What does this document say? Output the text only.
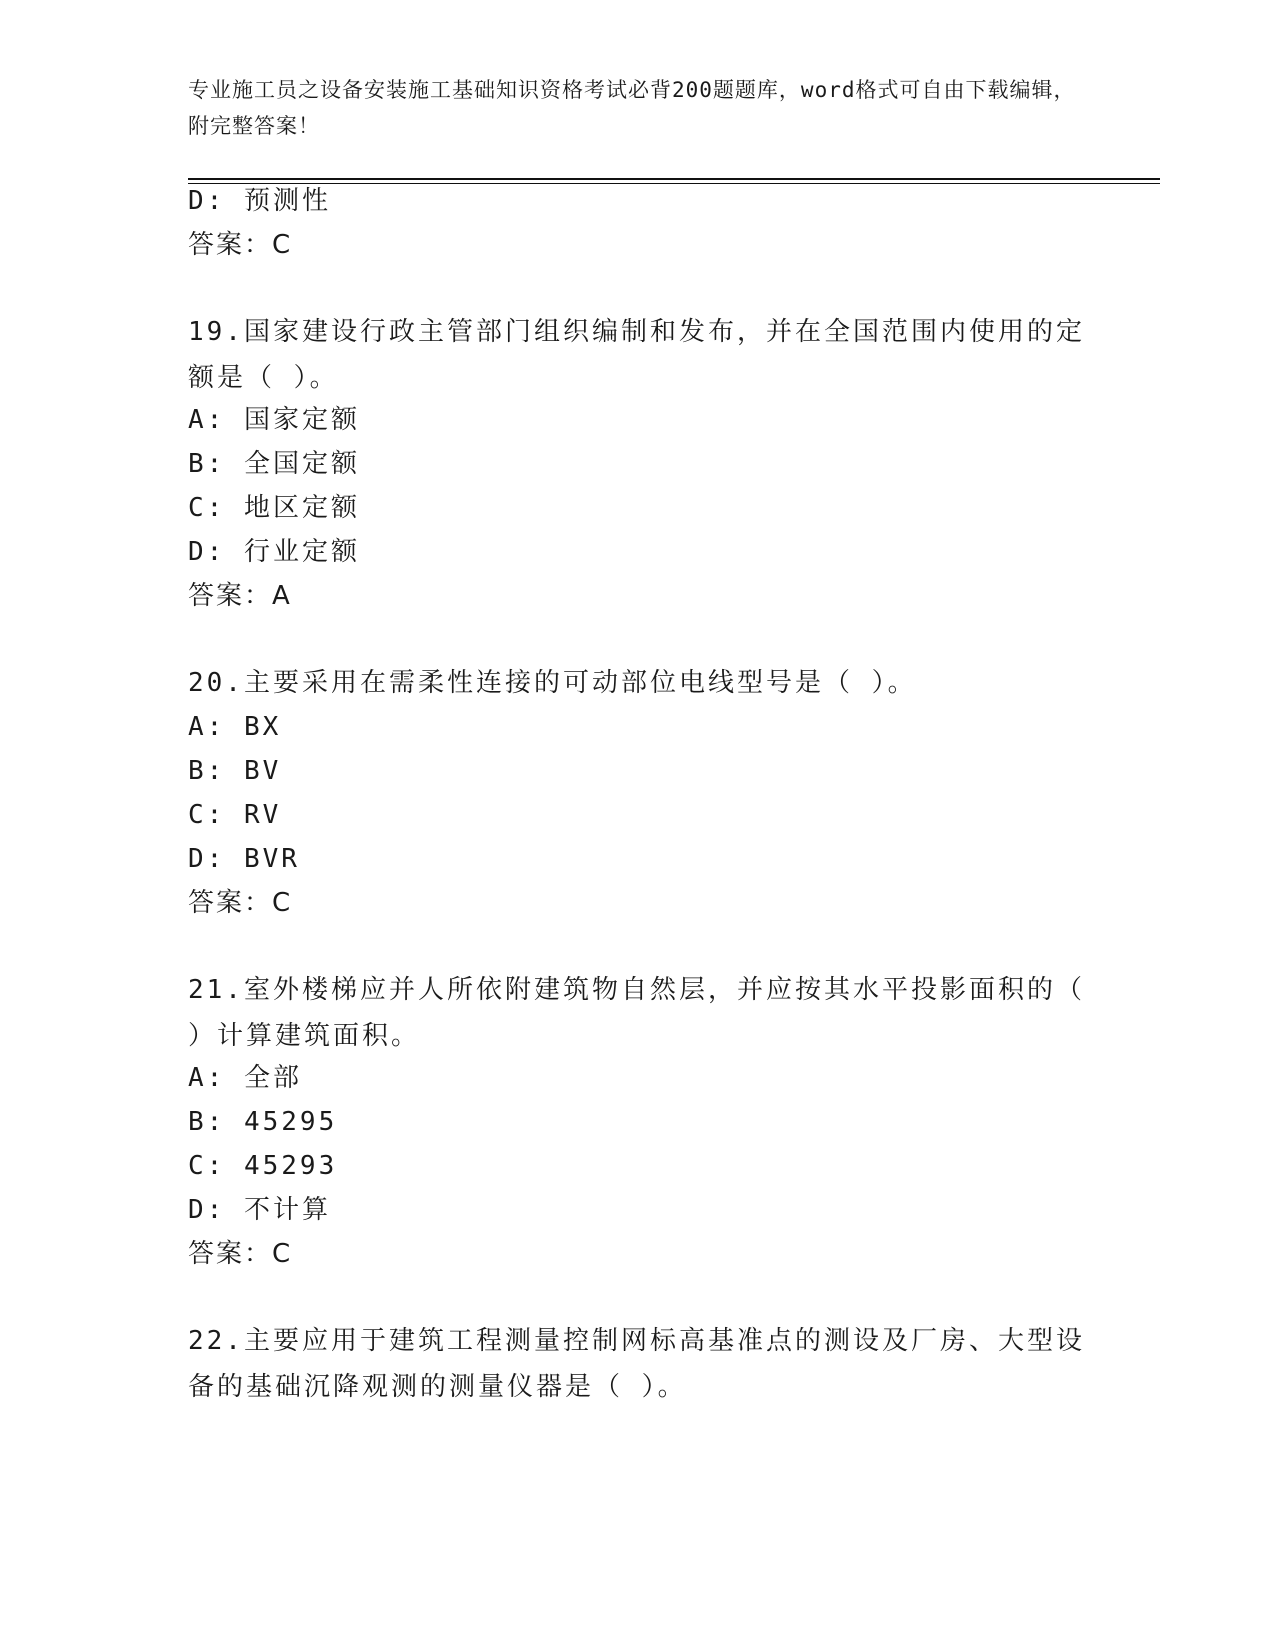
专业施工员之设备安装施工基础知识资格考试必背200题题库，word格式可自由下载编辑，附完整答案！
D: 预测性
答案：C
19.国家建设行政主管部门组织编制和发布，并在全国范围内使用的定额是（ ）。
A: 国家定额
B: 全国定额
C: 地区定额
D: 行业定额
答案：A
20.主要采用在需柔性连接的可动部位电线型号是（ ）。
A: BX
B: BV
C: RV
D: BVR
答案：C
21.室外楼梯应并人所依附建筑物自然层，并应按其水平投影面积的（ ）计算建筑面积。
A: 全部
B: 45295
C: 45293
D: 不计算
答案：C
22.主要应用于建筑工程测量控制网标高基准点的测设及厂房、大型设备的基础沉降观测的测量仪器是（ ）。
